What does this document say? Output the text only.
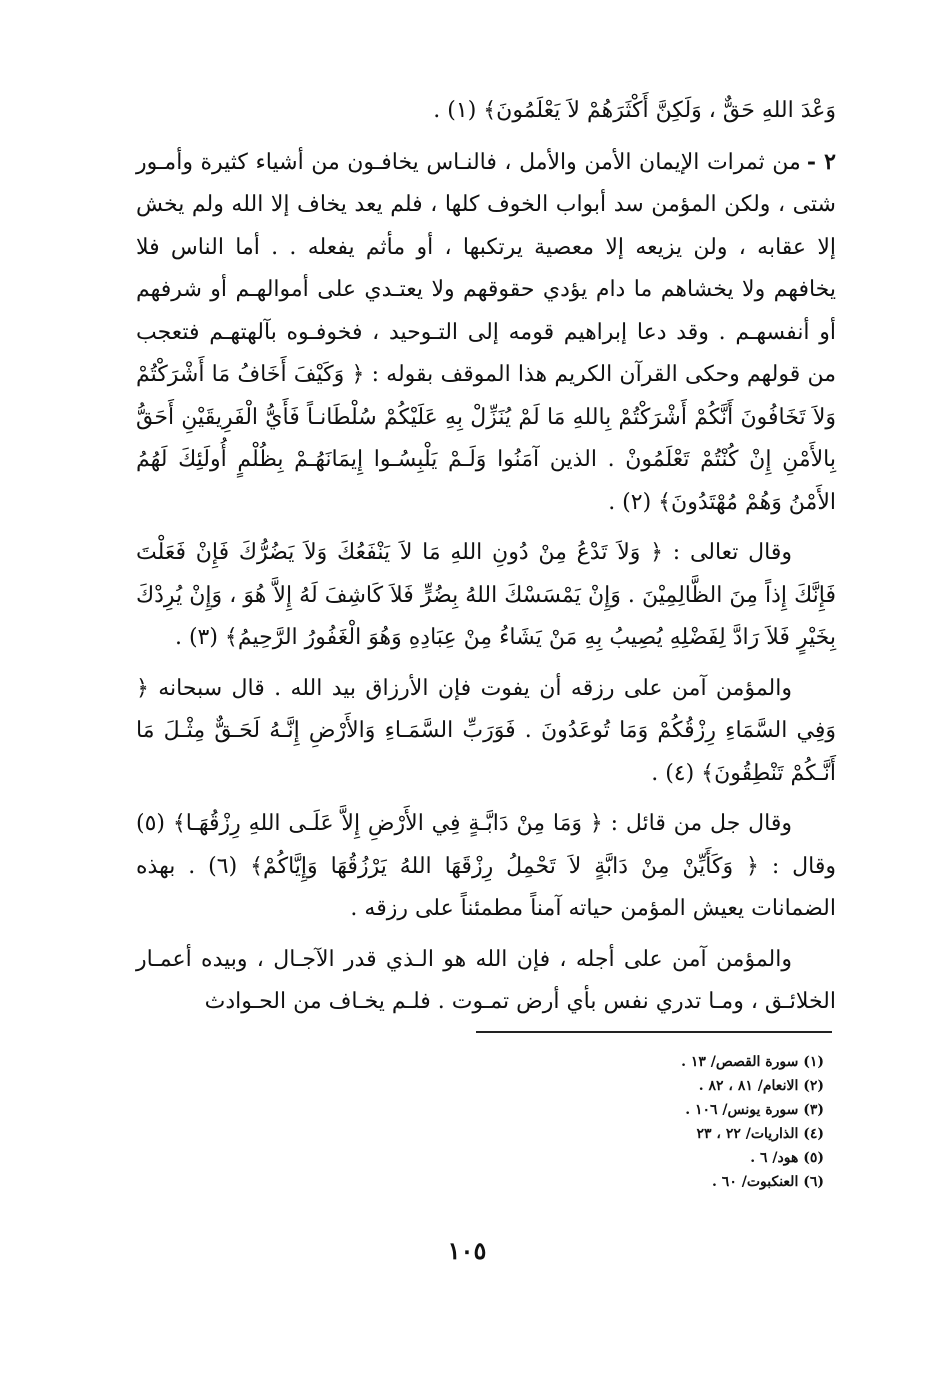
وَعْدَ اللهِ حَقٌّ ، وَلَكِنَّ أَكْثَرَهُمْ لاَ يَعْلَمُونَ﴾ (١) .

٢ -من ثمرات الإيمان الأمن والأمل ، فالنـاس يخافـون من أشياء كثيرة وأمـور شتى ، ولكن المؤمن سد أبواب الخوف كلها ، فلم يعد يخاف إلا الله ولم يخش إلا عقابه ، ولن يزيعه إلا معصية يرتكبها ، أو مأثم يفعله . . أما الناس فلا يخافهم ولا يخشاهم ما دام يؤدي حقوقهم ولا يعتـدي على أموالهـم أو شرفهم أو أنفسهـم . وقد دعا إبراهيم قومه إلى التـوحيد ، فخوفـوه بآلهتهـم فتعجب من قولهم وحكى القرآن الكريم هذا الموقف بقوله : ﴿ وَكَيْفَ أَخَافُ مَا أَشْرَكْتُمْ وَلاَ تَخَافُونَ أَنَّكُمْ أَشْرَكْتُمْ بِاللهِ مَا لَمْ يُنَزِّلْ بِهِ عَلَيْكُمْ سُلْطَانـاً فَأَيُّ الْفَرِيقَيْنِ أَحَقُّ بِالأَمْنِ إِنْ كُنْتُمْ تَعْلَمُونْ . الذين آمَنُوا وَلَـمْ يَلْبِسُـوا إِيمَانَهُـمْ بِظُلْمٍ أُولَئِكَ لَهُمُ الأَمْنُ وَهُمْ مُهْتَدُونَ﴾ (٢) .

وقال تعالى : ﴿ وَلاَ تَدْعُ مِنْ دُونِ اللهِ مَا لاَ يَنْفَعُكَ وَلاَ يَضُرُّكَ فَإِنْ فَعَلْتَ فَإِنَّكَ إِذاً مِنَ الظَّالِمِيْنَ . وَإِنْ يَمْسَسْكَ اللهُ بِضُرٍّ فَلاَ كَاشِفَ لَهُ إِلاَّ هُوَ ، وَإِنْ يُرِدْكَ بِخَيْرٍ فَلاَ رَادَّ لِفَضْلِهِ يُصِيبُ بِهِ مَنْ يَشَاءُ مِنْ عِبَادِهِ وَهُوَ الْغَفُورُ الرَّحِيمُ﴾ (٣) .

والمؤمن آمن على رزقه أن يفوت فإن الأرزاق بيد الله . قال سبحانه ﴿ وَفِي السَّمَاءِ رِزْقُكُمْ وَمَا تُوعَدُونَ . فَوَرَبِّ السَّمَـاءِ وَالأَرْضِ إِنَّـهُ لَحَـقٌّ مِثْـلَ مَا أَنَّـكُمْ تَنْطِقُونَ﴾ (٤) .

وقال جل من قائل : ﴿ وَمَا مِنْ دَابَّـةٍ فِي الأَرْضِ إِلاَّ عَلَـى اللهِ رِزْقُهَـا﴾ (٥) وقال : ﴿ وَكَأَيِّنْ مِنْ دَابَّةٍ لاَ تَحْمِلُ رِزْقَهَا اللهُ يَرْزُقُهَا وَإِيَّاكُمْ﴾ (٦) . بهذه الضمانات يعيش المؤمن حياته آمناً مطمئناً على رزقه .

والمؤمن آمن على أجله ، فإن الله هو الـذي قدر الآجـال ، وبيده أعمـار الخلائـق ، ومـا تدري نفس بأي أرض تمـوت . فلـم يخـاف من الحـوادث

(١) سورة القصص/ ١٣ .
(٢) الانعام/ ٨١ ، ٨٢ .
(٣) سورة يونس/ ١٠٦ .
(٤) الذاريات/ ٢٢ ، ٢٣
(٥) هود/ ٦ .
(٦) العنكبوت/ ٦٠ .
١٠٥
